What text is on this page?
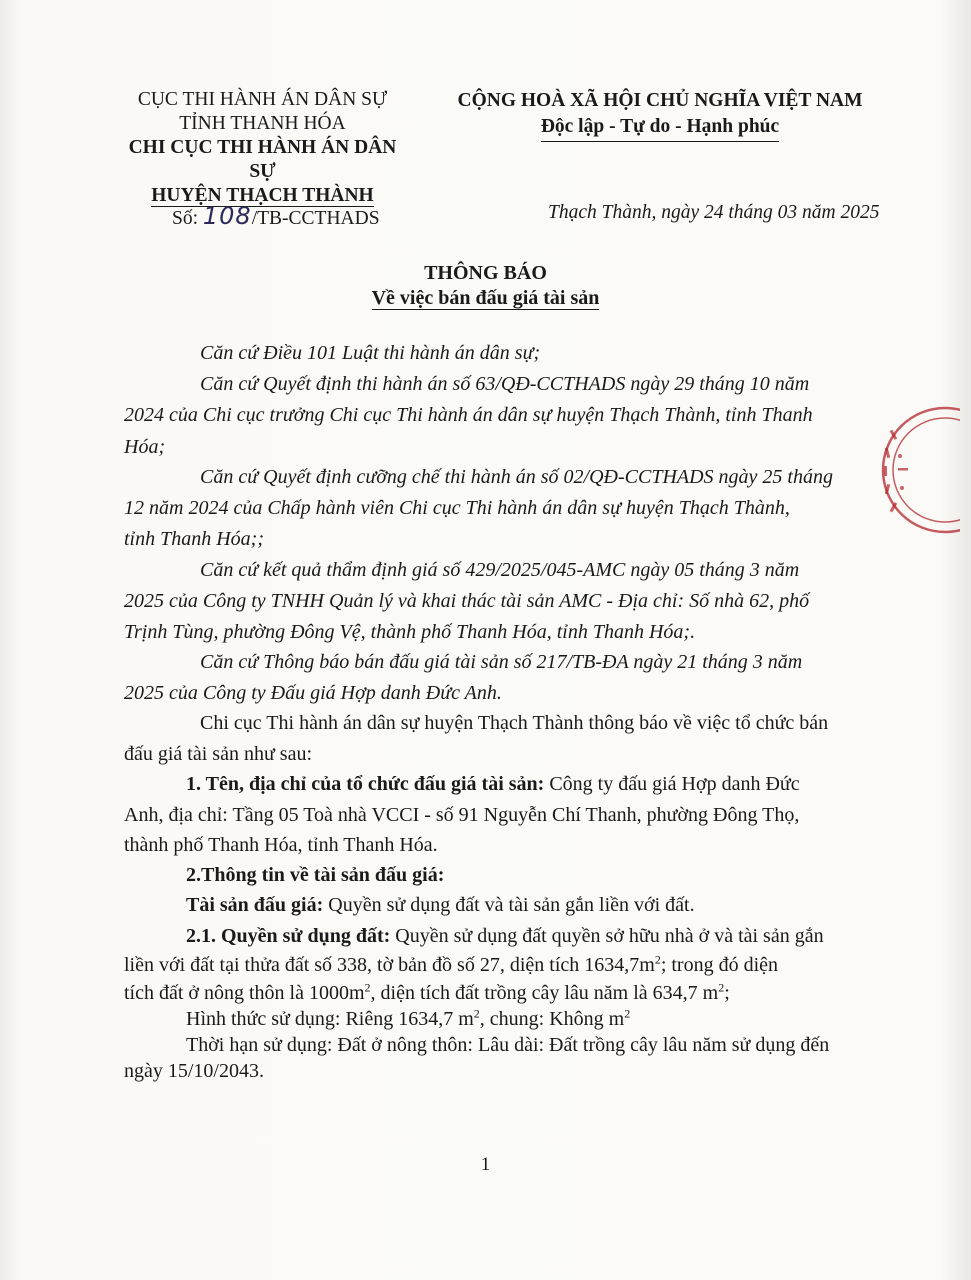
CỤC THI HÀNH ÁN DÂN SỰ
TỈNH THANH HÓA
CHI CỤC THI HÀNH ÁN DÂN SỰ
HUYỆN THẠCH THÀNH
CỘNG HOÀ XÃ HỘI CHỦ NGHĨA VIỆT NAM
Độc lập - Tự do - Hạnh phúc
Số: 108/TB-CCTHADS	Thạch Thành, ngày 24 tháng 03 năm 2025
THÔNG BÁO
Về việc bán đấu giá tài sản
Căn cứ Điều 101 Luật thi hành án dân sự;
Căn cứ Quyết định thi hành án số 63/QĐ-CCTHADS ngày 29 tháng 10 năm
2024 của Chi cục trưởng Chi cục Thi hành án dân sự huyện Thạch Thành, tỉnh Thanh
Hóa;
Căn cứ Quyết định cưỡng chế thi hành án số 02/QĐ-CCTHADS ngày 25 tháng
12 năm 2024 của Chấp hành viên Chi cục Thi hành án dân sự huyện Thạch Thành,
tỉnh Thanh Hóa;;
Căn cứ kết quả thẩm định giá số 429/2025/045-AMC ngày 05 tháng 3 năm
2025 của Công ty TNHH Quản lý và khai thác tài sản AMC - Địa chỉ: Số nhà 62, phố
Trịnh Tùng, phường Đông Vệ, thành phố Thanh Hóa, tỉnh Thanh Hóa;.
Căn cứ Thông báo bán đấu giá tài sản số 217/TB-ĐA ngày 21 tháng 3 năm
2025 của Công ty Đấu giá Hợp danh Đức Anh.
Chi cục Thi hành án dân sự huyện Thạch Thành thông báo về việc tổ chức bán
đấu giá tài sản như sau:
1. Tên, địa chỉ của tổ chức đấu giá tài sản: Công ty đấu giá Hợp danh Đức
Anh, địa chỉ: Tầng 05 Toà nhà VCCI - số 91 Nguyễn Chí Thanh, phường Đông Thọ,
thành phố Thanh Hóa, tỉnh Thanh Hóa.
2.Thông tin về tài sản đấu giá:
Tài sản đấu giá: Quyền sử dụng đất và tài sản gắn liền với đất.
2.1. Quyền sử dụng đất: Quyền sử dụng đất quyền sở hữu nhà ở và tài sản gắn
liền với đất tại thửa đất số 338, tờ bản đồ số 27, diện tích $1634,7m^2$; trong đó diện
tích đất ở nông thôn là $1000m^2$, diện tích đất trồng cây lâu năm là 634,7 $m^2$;
Hình thức sử dụng: Riêng 1634,7 $m^2$, chung: Không $m^2$
Thời hạn sử dụng: Đất ở nông thôn: Lâu dài: Đất trồng cây lâu năm sử dụng đến
ngày 15/10/2043.
1
